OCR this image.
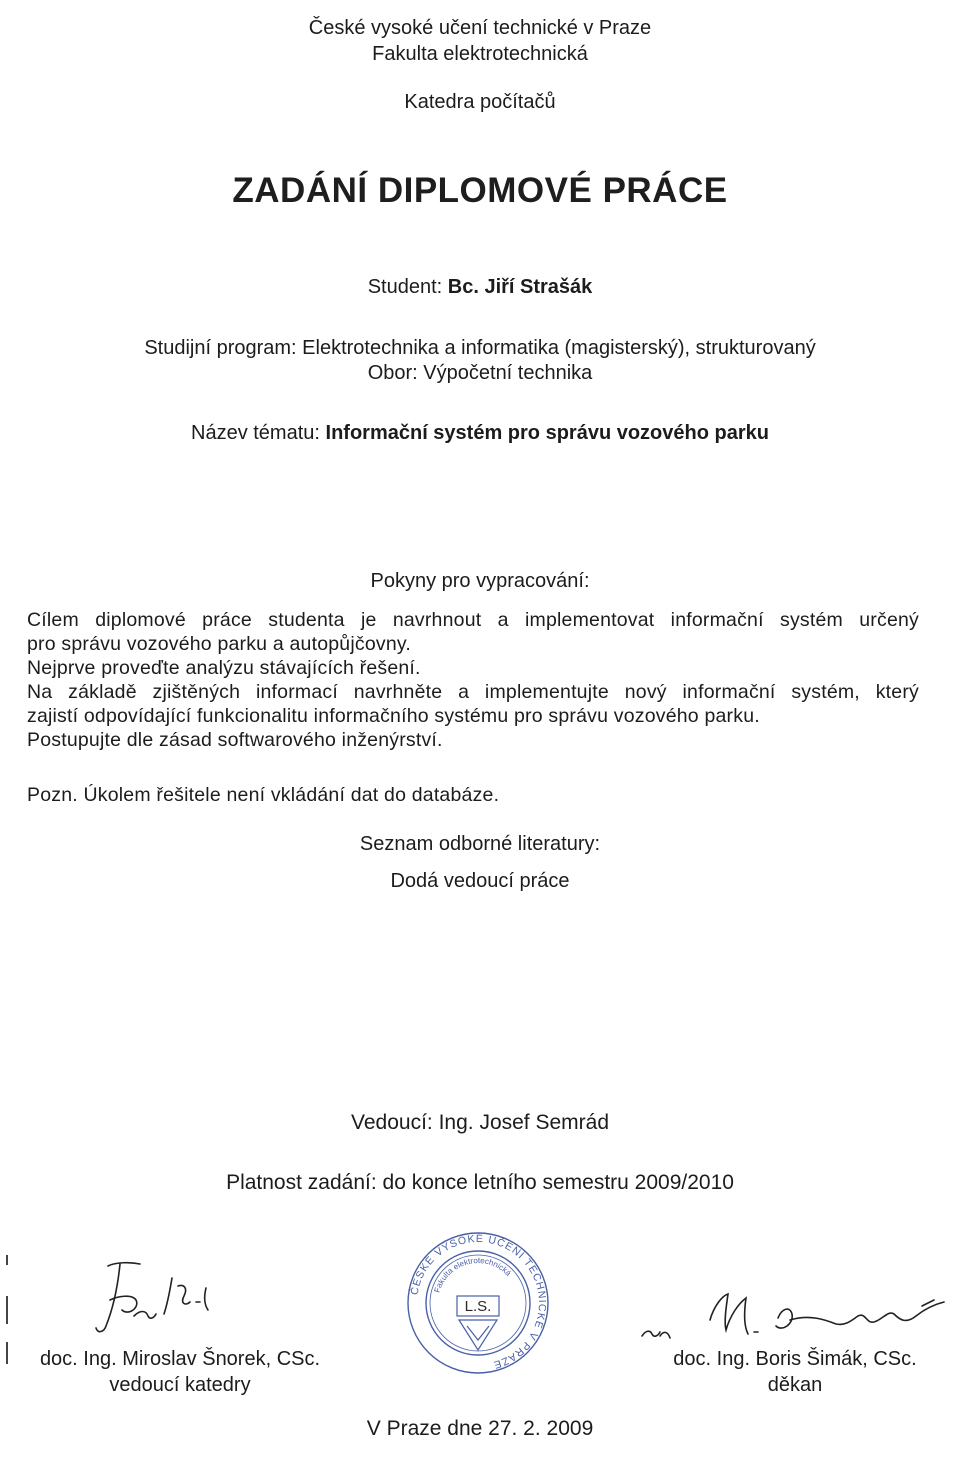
České vysoké učení technické v Praze
Fakulta elektrotechnická
Katedra počítačů
ZADÁNÍ DIPLOMOVÉ PRÁCE
Student: Bc. Jiří Strašák
Studijní program: Elektrotechnika a informatika (magisterský), strukturovaný
Obor: Výpočetní technika
Název tématu: Informační systém pro správu vozového parku
Pokyny pro vypracování:

Cílem diplomové práce studenta je navrhnout a implementovat informační systém určený

pro správu vozového parku a autopůjčovny.

Nejprve proveďte analýzu stávajících řešení.

Na základě zjištěných informací navrhněte a implementujte nový informační systém, který

zajistí odpovídající funkcionalitu informačního systému pro správu vozového parku.

Postupujte dle zásad softwarového inženýrství.

Pozn. Úkolem řešitele není vkládání dat do databáze.
Seznam odborné literatury:
Dodá vedoucí práce
Vedoucí: Ing. Josef Semrád
Platnost zadání: do konce letního semestru 2009/2010
doc. Ing. Miroslav Šnorek, CSc.
vedoucí katedry
ČESKÉ VYSOKÉ UČENÍ TECHNICKÉ V PRAZE
Fakulta elektrotechnická
L.S.
doc. Ing. Boris Šimák, CSc.
děkan
V Praze dne 27. 2. 2009
